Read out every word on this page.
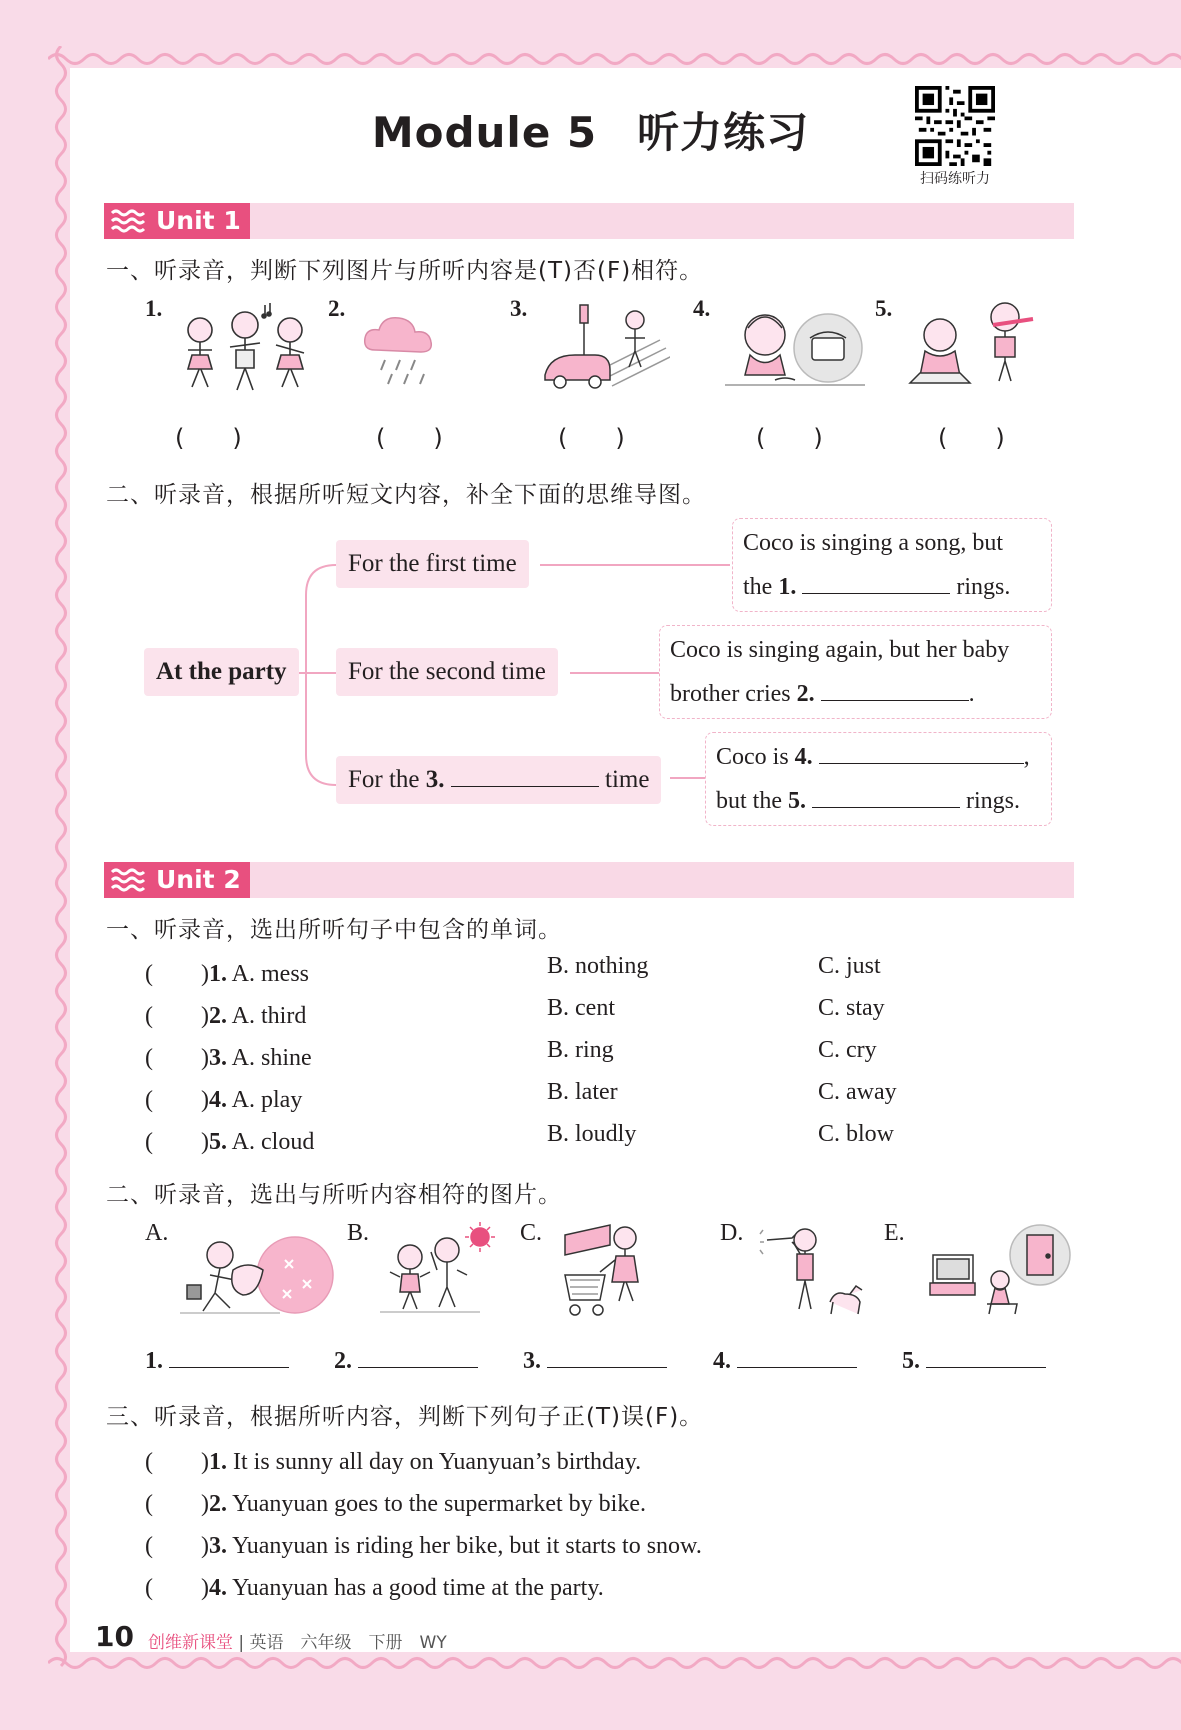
Module 5 听力练习
扫码练听力
Unit 1
一、听录音，判断下列图片与所听内容是(T)否(F)相符。
1.
(　　)
2.
(　　)
3.
(　　)
4.
(　　)
5.
(　　)
二、听录音，根据所听短文内容，补全下面的思维导图。
At the party
For the first time
For the second time
For the 3.	time
Coco is singing a song, but
the 1.	rings.
Coco is singing again, but her baby
brother cries 2.	.
Coco is 4.	,
but the 5.	rings.
Unit 2
一、听录音，选出所听句子中包含的单词。
(　　)1. A. mess	B. nothing	C. just
(　　)2. A. third	B. cent	C. stay
(　　)3. A. shine	B. ring	C. cry
(　　)4. A. play	B. later	C. away
(　　)5. A. cloud	B. loudly	C. blow
二、听录音，选出与所听内容相符的图片。
A.	B.	C.	D.	E.
1.	2.	3.	4.	5.
三、听录音，根据所听内容，判断下列句子正(T)误(F)。
(　　)1. It is sunny all day on Yuanyuan’s birthday.
(　　)2. Yuanyuan goes to the supermarket by bike.
(　　)3. Yuanyuan is riding her bike, but it starts to snow.
(　　)4. Yuanyuan has a good time at the party.
10 创维新课堂 | 英语　六年级　下册　WY
